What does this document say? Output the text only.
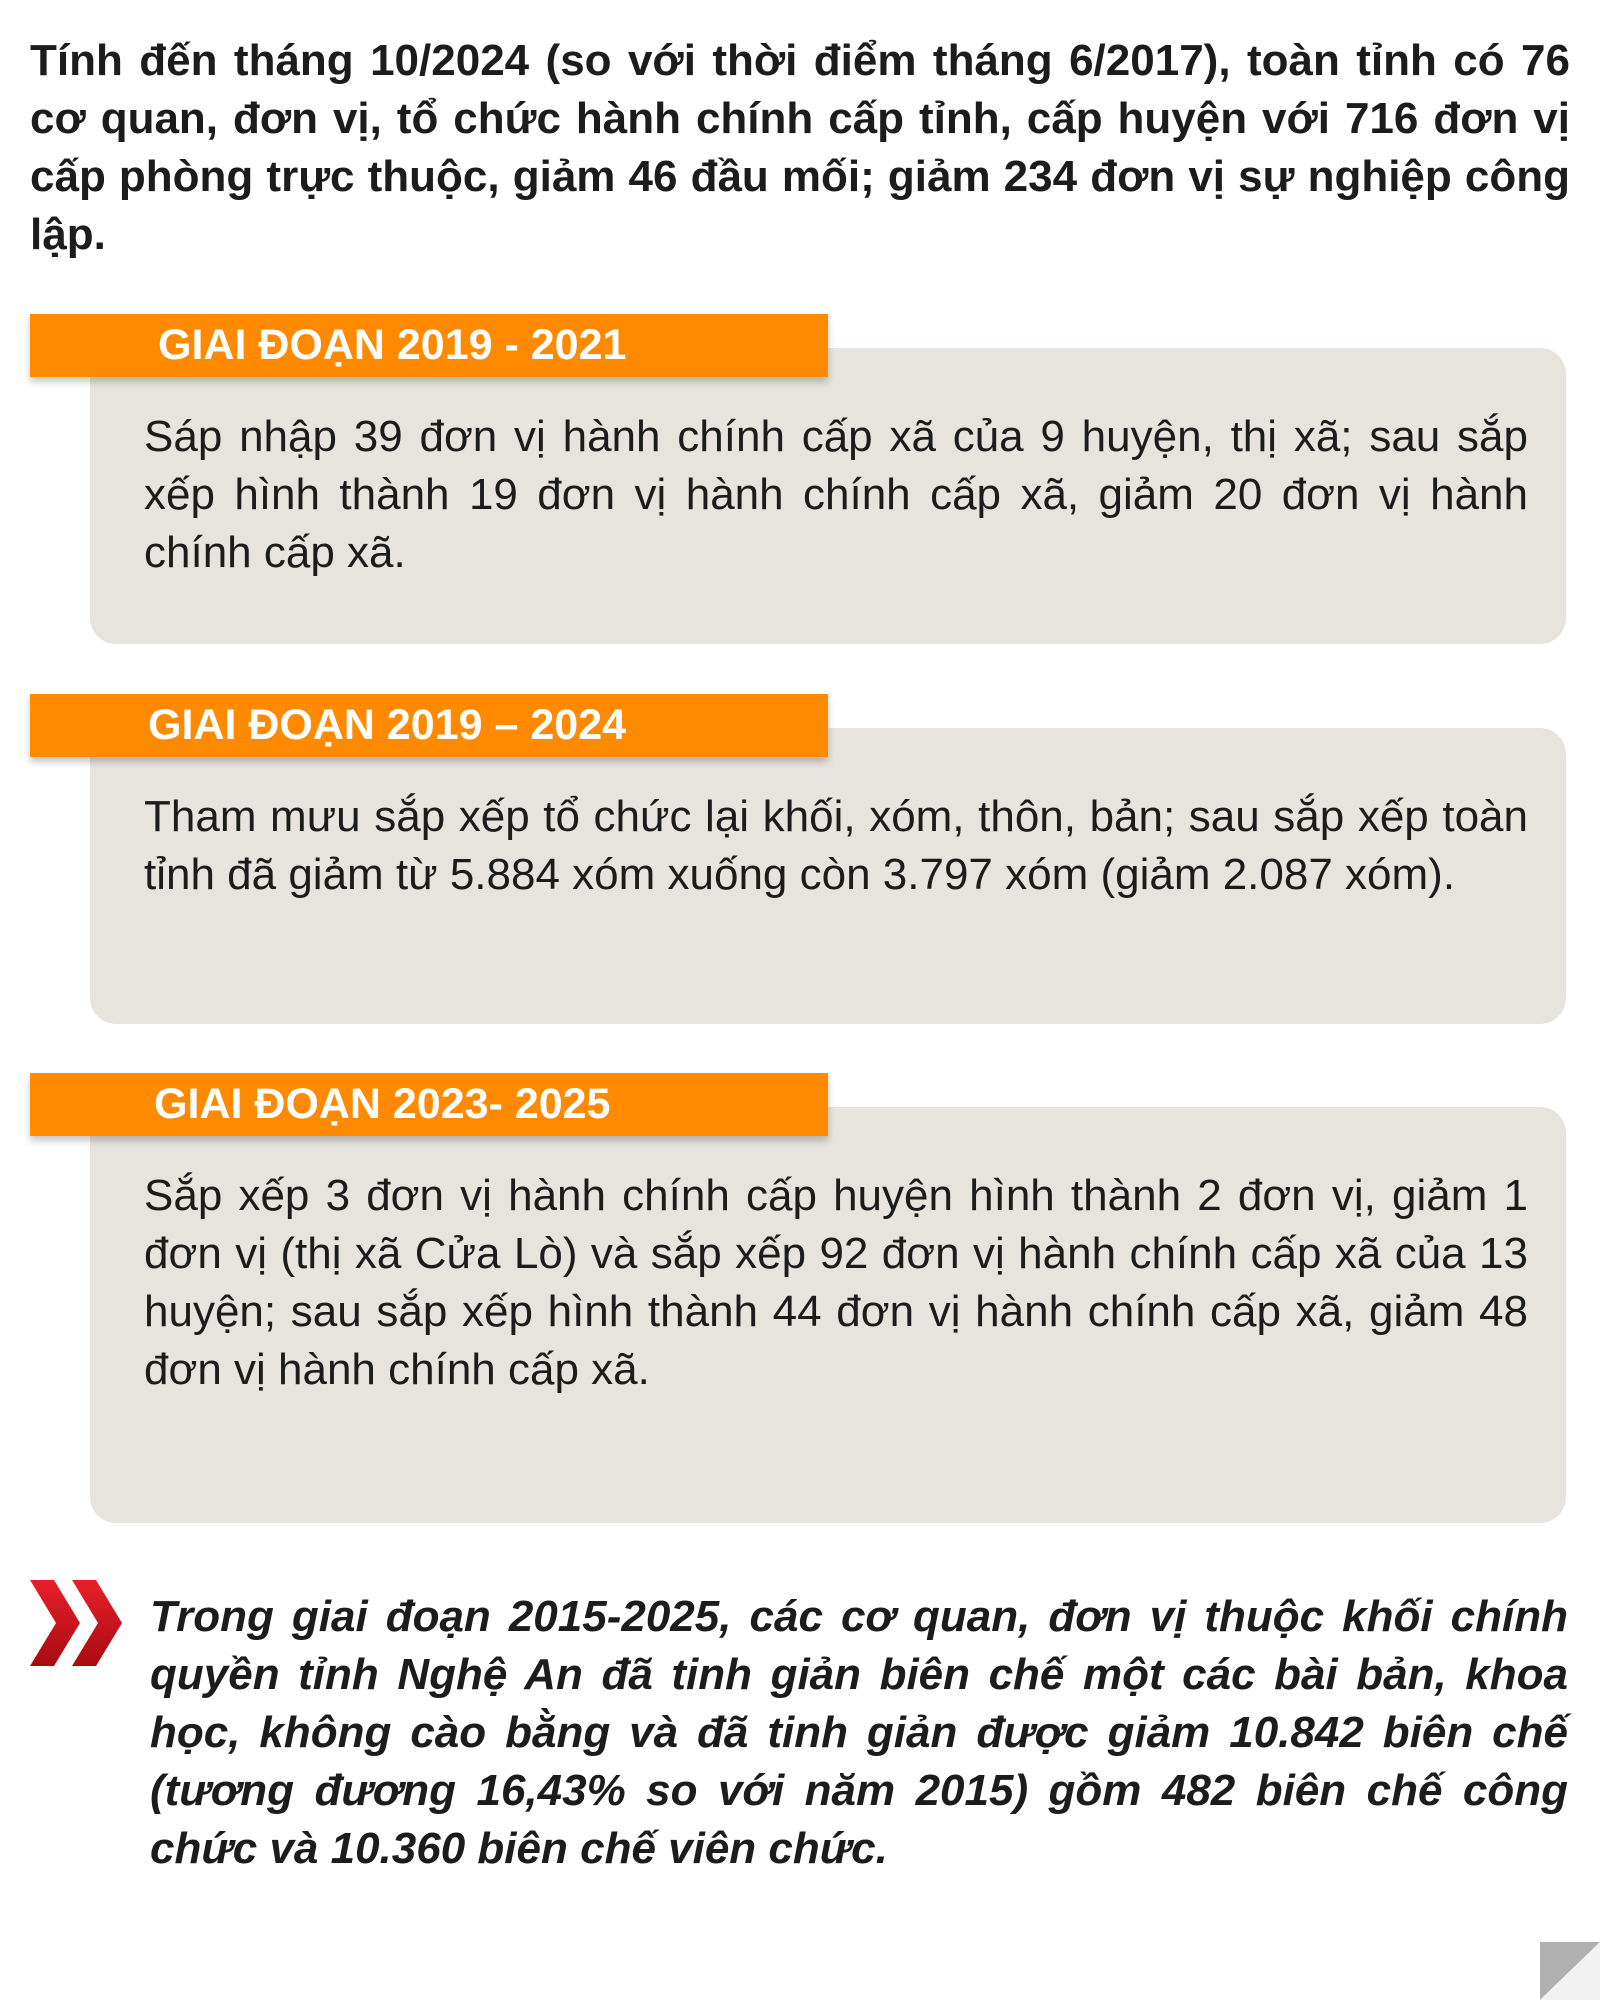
Tính đến tháng 10/2024 (so với thời điểm tháng 6/2017), toàn tỉnh có 76 cơ quan, đơn vị, tổ chức hành chính cấp tỉnh, cấp huyện với 716 đơn vị cấp phòng trực thuộc, giảm 46 đầu mối; giảm 234 đơn vị sự nghiệp công lập.

Sáp nhập 39 đơn vị hành chính cấp xã của 9 huyện, thị xã; sau sắp xếp hình thành 19 đơn vị hành chính cấp xã, giảm 20 đơn vị hành chính cấp xã.

GIAI ĐOẠN 2019 - 2021

Tham mưu sắp xếp tổ chức lại khối, xóm, thôn, bản; sau sắp xếp toàn tỉnh đã giảm từ 5.884 xóm xuống còn 3.797 xóm (giảm 2.087 xóm).

GIAI ĐOẠN 2019 – 2024

Sắp xếp 3 đơn vị hành chính cấp huyện hình thành 2 đơn vị, giảm 1 đơn vị (thị xã Cửa Lò) và sắp xếp 92 đơn vị hành chính cấp xã của 13 huyện; sau sắp xếp hình thành 44 đơn vị hành chính cấp xã, giảm 48 đơn vị hành chính cấp xã.

GIAI ĐOẠN 2023- 2025

Trong giai đoạn 2015-2025, các cơ quan, đơn vị thuộc khối chính quyền tỉnh Nghệ An đã tinh giản biên chế một các bài bản, khoa học, không cào bằng và đã tinh giản được giảm 10.842 biên chế (tương đương 16,43% so với năm 2015) gồm 482 biên chế công chức và 10.360 biên chế viên chức.
